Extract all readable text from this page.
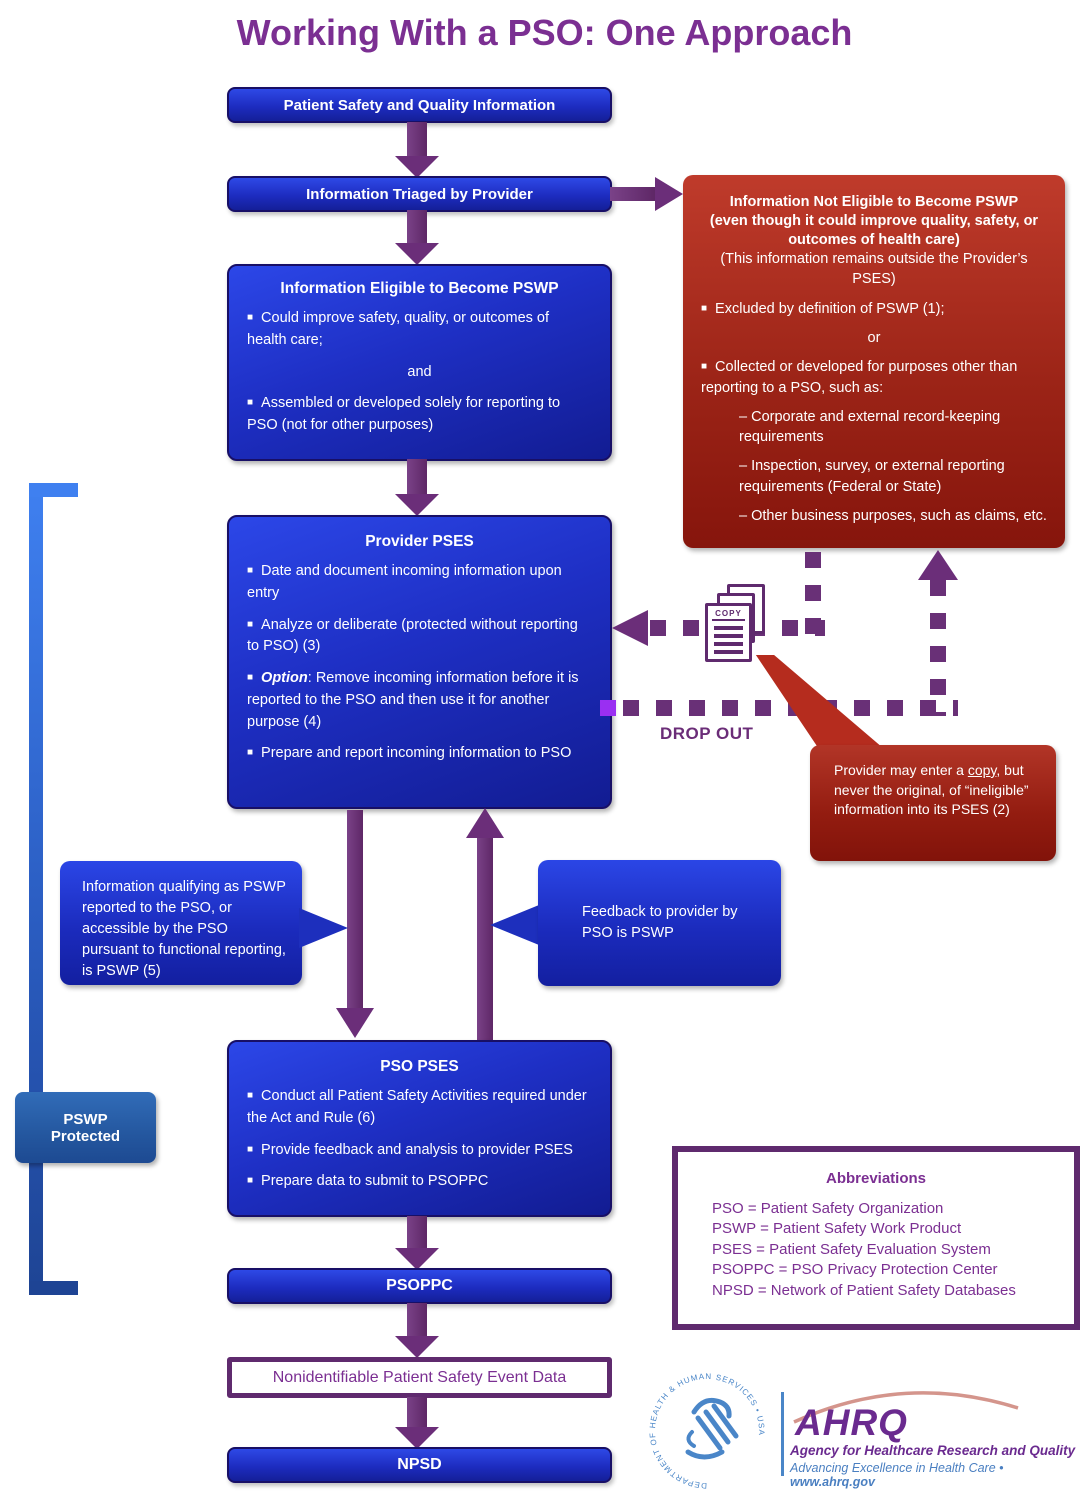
Working With a PSO: One Approach
PSWP
Protected
Patient Safety and Quality Information
Information Triaged by Provider
Information Eligible to Become PSWP

■ Could improve safety, quality, or outcomes of health care;

and

■ Assembled or developed solely for reporting to PSO (not for other purposes)

Information Not Eligible to Become PSWP
(even though it could improve quality, safety, or outcomes of health care)
(This information remains outside the Provider’s PSES)

■ Excluded by definition of PSWP (1);

or

■ Collected or developed for purposes other than reporting to a PSO, such as:

– Corporate and external record-keeping requirements

– Inspection, survey, or external reporting requirements (Federal or State)

– Other business purposes, such as claims, etc.

Provider PSES

■ Date and document incoming information upon entry

■ Analyze or deliberate (protected without reporting to PSO) (3)

■ Option: Remove incoming information before it is reported to the PSO and then use it for another purpose (4)

■ Prepare and report incoming information to PSO

COPY
DROP OUT
Provider may enter a copy, but never the original, of “ineligible” information into its PSES (2)
Information qualifying as PSWP reported to the PSO, or accessible by the PSO pursuant to functional reporting, is PSWP (5)
Feedback to provider by PSO is PSWP
PSO PSES

■ Conduct all Patient Safety Activities required under the Act and Rule (6)

■ Provide feedback and analysis to provider PSES

■ Prepare data to submit to PSOPPC

PSOPPC
Nonidentifiable Patient Safety Event Data
NPSD
Abbreviations
PSO = Patient Safety Organization
PSWP = Patient Safety Work Product
PSES = Patient Safety Evaluation System
PSOPPC = PSO Privacy Protection Center
NPSD = Network of Patient Safety Databases
DEPARTMENT OF HEALTH & HUMAN SERVICES • USA AHRQ
Agency for Healthcare Research and Quality
Advancing Excellence in Health Care • www.ahrq.gov
